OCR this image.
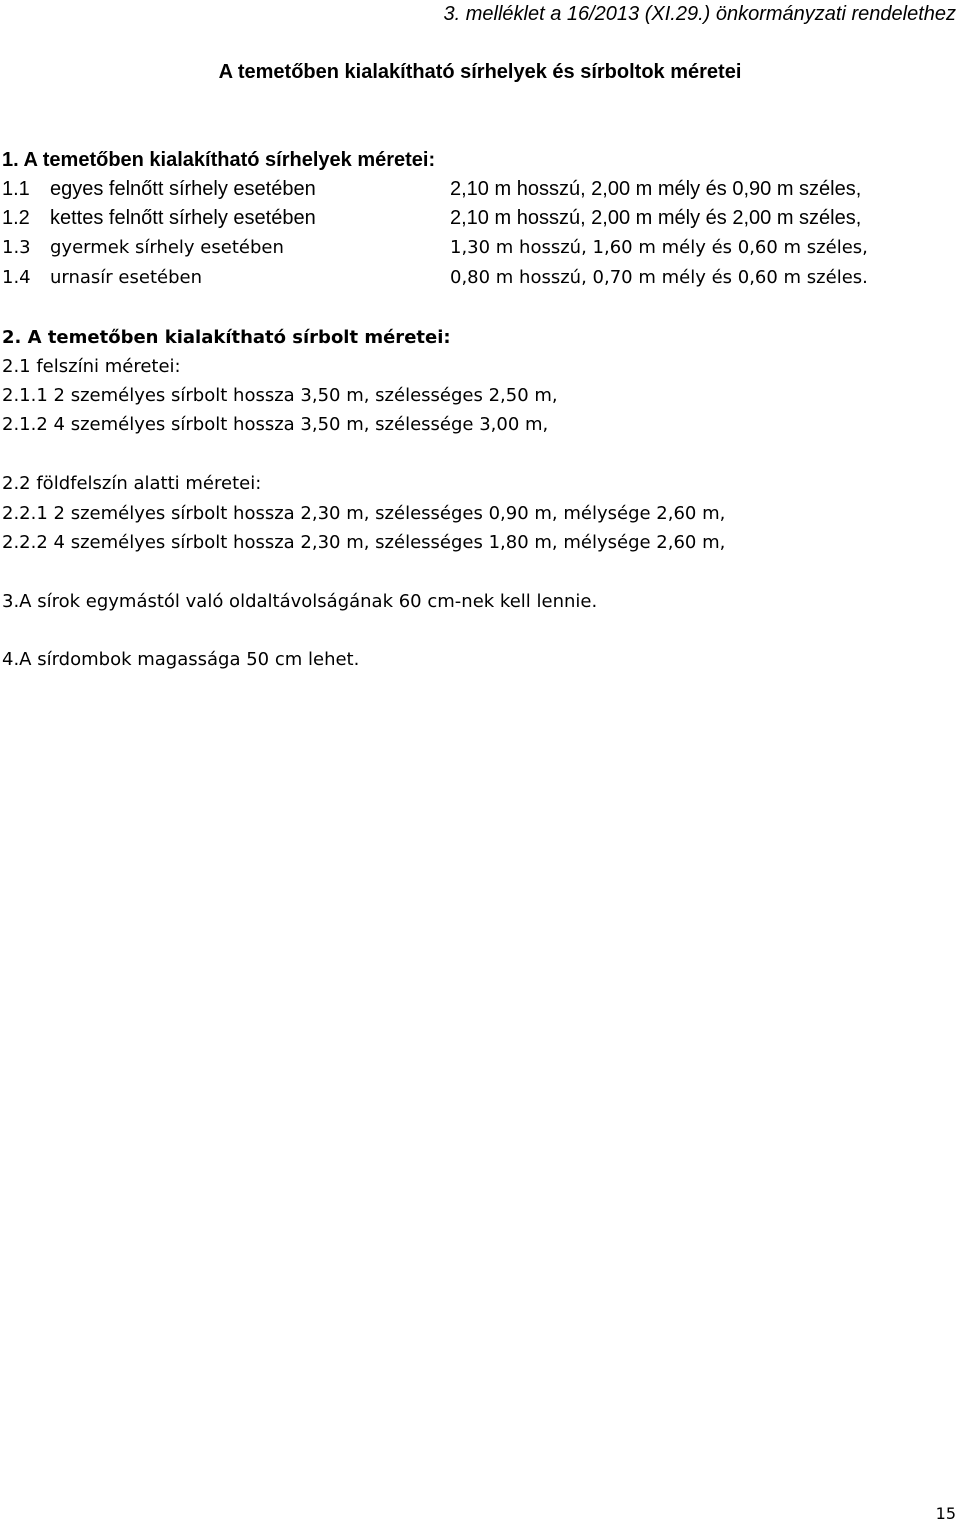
3. melléklet a 16/2013 (XI.29.) önkormányzati rendelethez
A temetőben kialakítható sírhelyek és sírboltok méretei
1. A temetőben kialakítható sírhelyek méretei:
1.1 egyes felnőtt sírhely esetében	2,10 m hosszú, 2,00 m mély és 0,90 m széles,
1.2 kettes felnőtt sírhely esetében	2,10 m hosszú, 2,00 m mély és 2,00 m széles,
1.3 gyermek sírhely esetében	1,30 m hosszú, 1,60 m mély és 0,60 m széles,
1.4 urnasír esetében	0,80 m hosszú, 0,70 m mély és 0,60 m széles.
2. A temetőben kialakítható sírbolt méretei:
2.1 felszíni méretei:
2.1.1 2 személyes sírbolt hossza 3,50 m, szélességes 2,50 m,
2.1.2 4 személyes sírbolt hossza 3,50 m, szélessége 3,00 m,
2.2 földfelszín alatti méretei:
2.2.1 2 személyes sírbolt hossza 2,30 m, szélességes 0,90 m, mélysége 2,60 m,
2.2.2 4 személyes sírbolt hossza 2,30 m, szélességes 1,80 m, mélysége 2,60 m,
3.A sírok egymástól való oldaltávolságának 60 cm-nek kell lennie.
4.A sírdombok magassága 50 cm lehet.
15
